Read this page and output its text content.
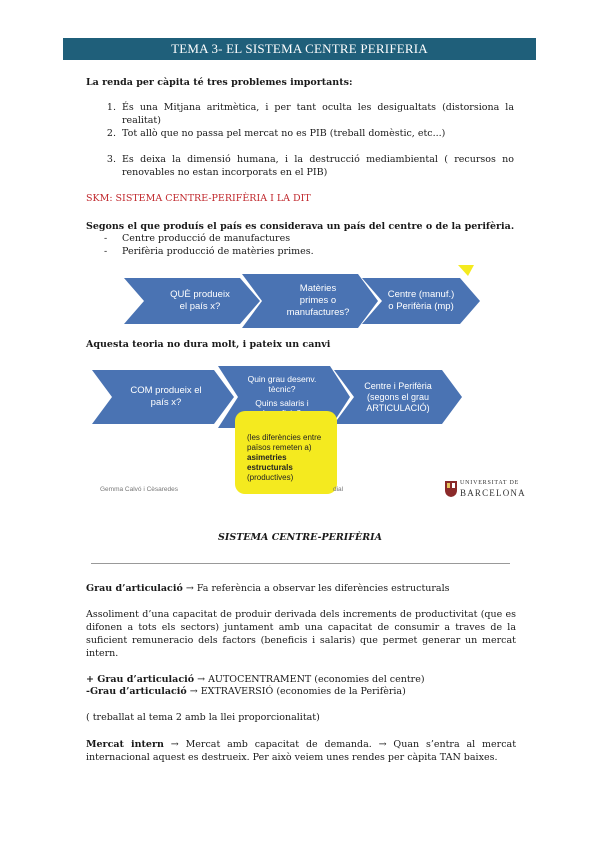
TEMA 3- EL SISTEMA CENTRE PERIFERIA
La renda per càpita té tres problemes importants:
1. És una Mitjana aritmètica, i per tant oculta les desigualtats (distorsiona la realitat)
2. Tot allò que no passa pel mercat no es PIB (treball domèstic, etc...)
3. Es deixa la dimensió humana, i la destrucció mediambiental ( recursos no renovables no estan incorporats en el PIB)
SKM: SISTEMA CENTRE-PERIFÈRIA I LA DIT
Segons el que produís el país es considerava un país del centre o de la perifèria.
- Centre producció de manufactures
- Perifèria producció de matèries primes.
QUÈ produeix
el país x?
Matèries
primes o
manufactures?
Centre (manuf.)
o Perifèria (mp)
Aquesta teoria no dura molt, i pateix un canvi
COM produeix el
país x?
Quin grau desenv.
tècnic?
Quins salaris i
Centre i Perifèria
(segons el grau
ARTICULACIÓ)
(les diferències entre
països remeten a)
asimetries
estructurals
(productives)
Gemma Calvó i Cèsaredes	dial
UNIVERSITAT DE
BARCELONA
SISTEMA CENTRE-PERIFÈRIA
Grau d’articulació → Fa referència a observar les diferències estructurals
Assoliment d’una capacitat de produir derivada dels increments de productivitat (que es difonen a tots els sectors) juntament amb una capacitat de consumir a traves de la suficient remuneracio dels factors (beneficis i salaris) que permet generar un mercat intern.
+ Grau d’articulació → AUTOCENTRAMENT (economies del centre)
-Grau d’articulació → EXTRAVERSIÓ (economies de la Perifèria)
( treballat al tema 2 amb la llei proporcionalitat)
Mercat intern → Mercat amb capacitat de demanda. → Quan s’entra al mercat internacional aquest es destrueix. Per això veiem unes rendes per càpita TAN baixes.
